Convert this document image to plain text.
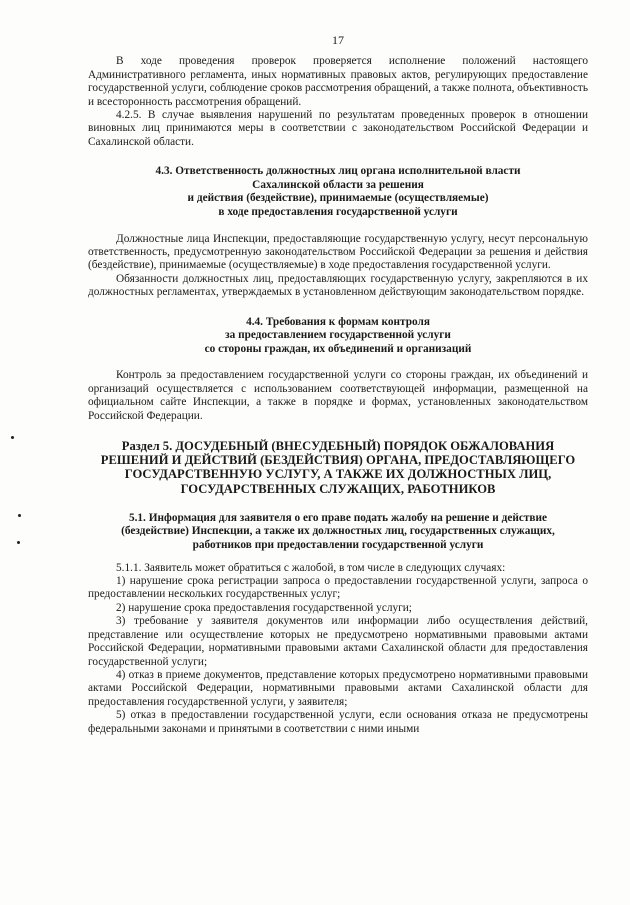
17

В ходе проведения проверок проверяется исполнение положений настоящего Административного регламента, иных нормативных правовых актов, регулирующих предоставление государственной услуги, соблюдение сроков рассмотрения обращений, а также полнота, объективность и всесторонность рассмотрения обращений.

4.2.5. В случае выявления нарушений по результатам проведенных проверок в отношении виновных лиц принимаются меры в соответствии с законодательством Российской Федерации и Сахалинской области.

4.3. Ответственность должностных лиц органа исполнительной власти
Сахалинской области за решения
и действия (бездействие), принимаемые (осуществляемые)
в ходе предоставления государственной услуги

Должностные лица Инспекции, предоставляющие государственную услугу, несут персональную ответственность, предусмотренную законодательством Российской Федерации за решения и действия (бездействие), принимаемые (осуществляемые) в ходе предоставления государственной услуги.

Обязанности должностных лиц, предоставляющих государственную услугу, закрепляются в их должностных регламентах, утверждаемых в установленном действующим законодательством порядке.

4.4. Требования к формам контроля
за предоставлением государственной услуги
со стороны граждан, их объединений и организаций

Контроль за предоставлением государственной услуги со стороны граждан, их объединений и организаций осуществляется с использованием соответствующей информации, размещенной на официальном сайте Инспекции, а также в порядке и формах, установленных законодательством Российской Федерации.

Раздел 5. ДОСУДЕБНЫЙ (ВНЕСУДЕБНЫЙ) ПОРЯДОК ОБЖАЛОВАНИЯ
РЕШЕНИЙ И ДЕЙСТВИЙ (БЕЗДЕЙСТВИЯ) ОРГАНА, ПРЕДОСТАВЛЯЮЩЕГО
ГОСУДАРСТВЕННУЮ УСЛУГУ, А ТАКЖЕ ИХ ДОЛЖНОСТНЫХ ЛИЦ,
ГОСУДАРСТВЕННЫХ СЛУЖАЩИХ, РАБОТНИКОВ
5.1. Информация для заявителя о его праве подать жалобу на решение и действие
(бездействие) Инспекции, а также их должностных лиц, государственных служащих,
работников при предоставлении государственной услуги

5.1.1. Заявитель может обратиться с жалобой, в том числе в следующих случаях:

1) нарушение срока регистрации запроса о предоставлении государственной услуги, запроса о предоставлении нескольких государственных услуг;

2) нарушение срока предоставления государственной услуги;

3) требование у заявителя документов или информации либо осуществления действий, представление или осуществление которых не предусмотрено нормативными правовыми актами Российской Федерации, нормативными правовыми актами Сахалинской области для предоставления государственной услуги;

4) отказ в приеме документов, представление которых предусмотрено нормативными правовыми актами Российской Федерации, нормативными правовыми актами Сахалинской области для предоставления государственной услуги, у заявителя;

5) отказ в предоставлении государственной услуги, если основания отказа не предусмотрены федеральными законами и принятыми в соответствии с ними иными
